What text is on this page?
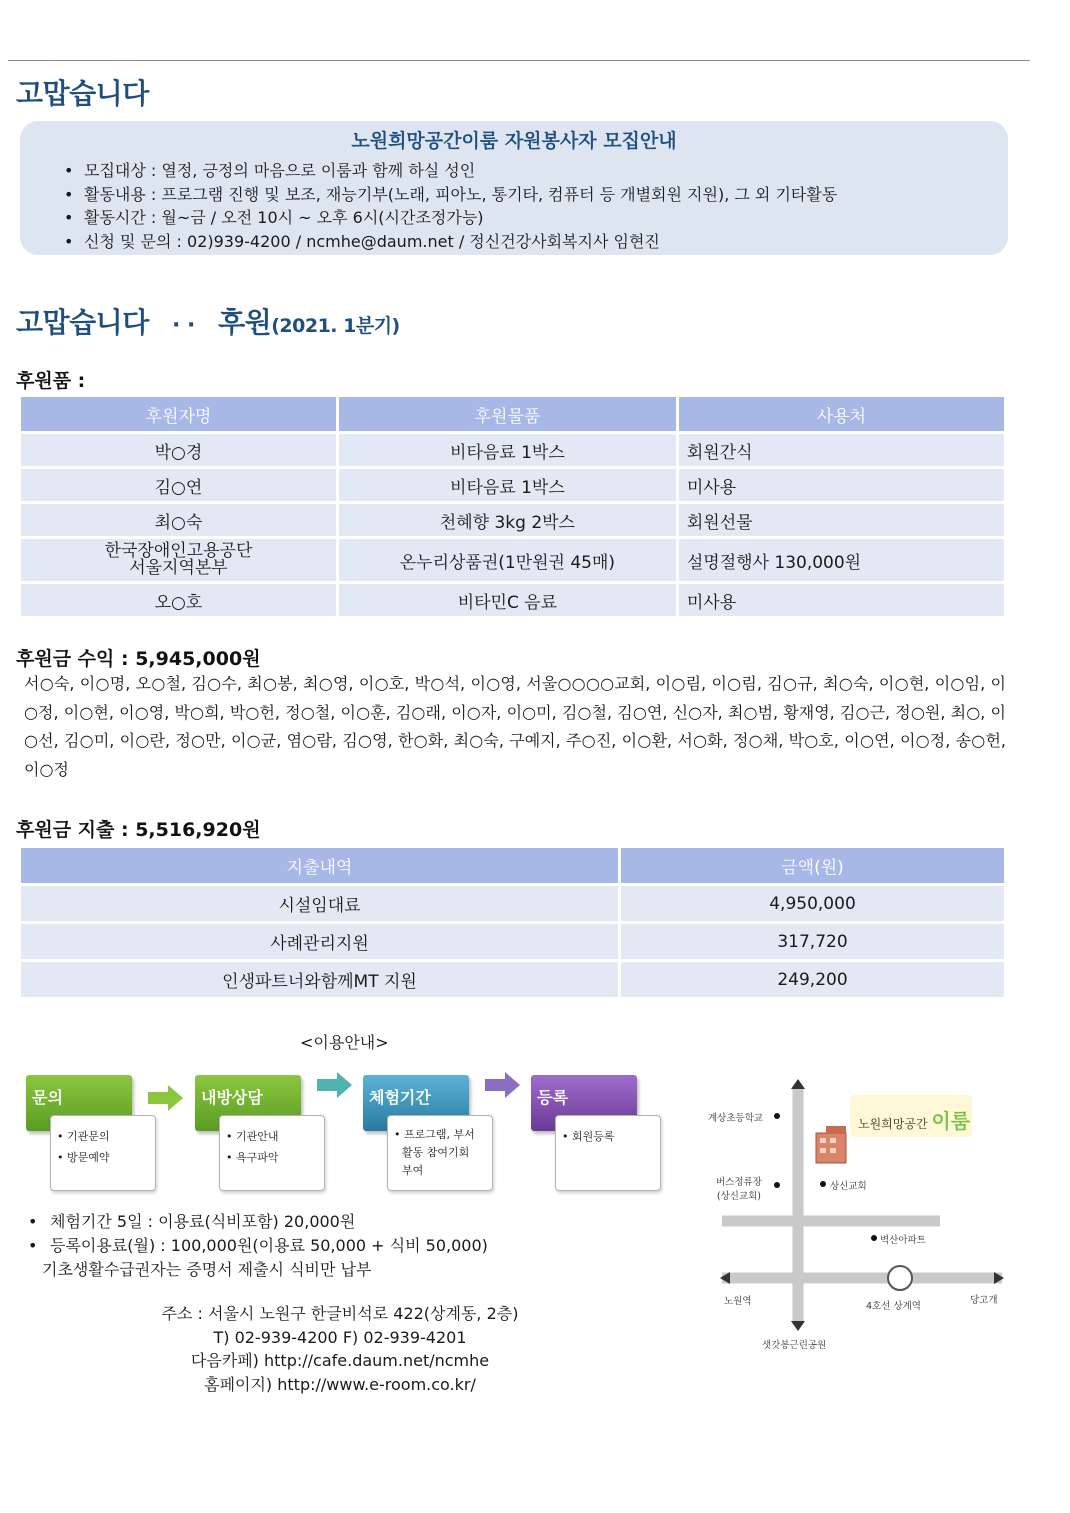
고맙습니다
노원희망공간이룸 자원봉사자 모집안내
• 모집대상 : 열정, 긍정의 마음으로 이룸과 함께 하실 성인
• 활동내용 : 프로그램 진행 및 보조, 재능기부(노래, 피아노, 통기타, 컴퓨터 등 개별회원 지원), 그 외 기타활동
• 활동시간 : 월~금 / 오전 10시 ~ 오후 6시(시간조정가능)
• 신청 및 문의 : 02)939-4200 / ncmhe@daum.net / 정신건강사회복지사 임현진
고맙습니다 · · 후원(2021. 1분기)
후원품 :
후원자명	후원물품	사용처
박○경	비타음료 1박스	회원간식
김○연	비타음료 1박스	미사용
최○숙	천혜향 3kg 2박스	회원선물
한국장애인고용공단
서울지역본부	온누리상품권(1만원권 45매)	설명절행사 130,000원
오○호	비타민C 음료	미사용
후원금 수익 : 5,945,000원
서○숙, 이○명, 오○철, 김○수, 최○봉, 최○영, 이○호, 박○석, 이○영, 서울○○○○교회, 이○림, 이○림, 김○규, 최○숙, 이○현, 이○임, 이○정, 이○현, 이○영, 박○희, 박○헌, 정○철, 이○훈, 김○래, 이○자, 이○미, 김○철, 김○연, 신○자, 최○범, 황재영, 김○근, 정○원, 최○, 이○선, 김○미, 이○란, 정○만, 이○균, 염○람, 김○영, 한○화, 최○숙, 구예지, 주○진, 이○환, 서○화, 정○채, 박○호, 이○연, 이○정, 송○헌, 이○정
후원금 지출 : 5,516,920원
지출내역	금액(원)
시설임대료	4,950,000
사례관리지원	317,720
인생파트너와함께MT 지원	249,200
<이용안내>
문의
• 기관문의
• 방문예약
내방상담
• 기관안내
• 욕구파악
체험기간
• 프로그램, 부서
활동 참여기회
부여
등록
• 회원등록
• 체험기간 5일 : 이용료(식비포함) 20,000원
• 등록이용료(월) : 100,000원(이용료 50,000 + 식비 50,000)
기초생활수급권자는 증명서 제출시 식비만 납부
주소 : 서울시 노원구 한글비석로 422(상계동, 2층)
T) 02-939-4200 F) 02-939-4201
다음카페) http://cafe.daum.net/ncmhe
홈페이지) http://www.e-room.co.kr/
계상초등학교
버스정류장
(상신교회)
상신교회
벽산아파트
노원역	4호선 상계역
당고개
샛갓봉근린공원
노원희망공간 이룸
